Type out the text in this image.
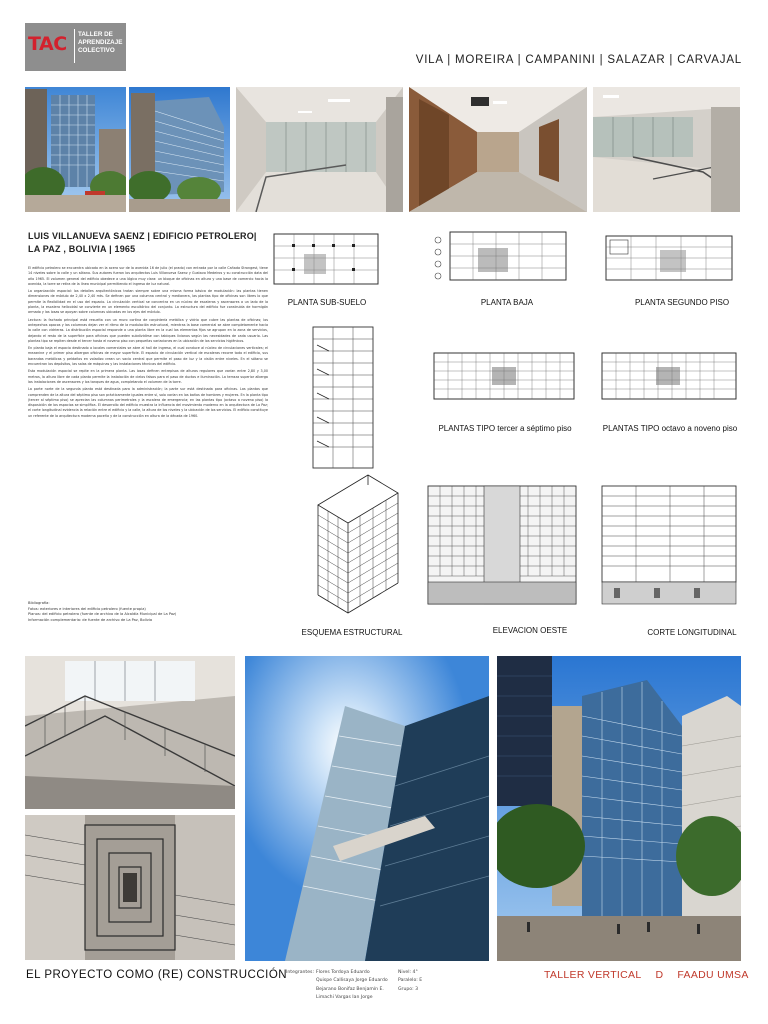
TAC TALLER DE
APRENDIZAJE
COLECTIVO
VILA | MOREIRA | CAMPANINI | SALAZAR | CARVAJAL
LUIS VILLANUEVA SAENZ | EDIFICIO PETROLERO|
LA PAZ , BOLIVIA | 1965

El edificio petrolero se encuentra ubicado en la acera sur de la avenida 16 de julio (el prado) con entrada por la calle Cañada Strongest, tiene 14 niveles sobre la calle y un sótano. Sus autores fueron los arquitectos Luis Villanueva Saenz y Gustavo Medeiros y su construcción data del año 1965. El volumen general del edificio obedece a una lógica muy clara: un bloque de oficinas en altura y una base de comercio hacia la avenida, la torre se retira de la línea municipal permitiendo el ingreso de luz natural.

La organización espacial: los detalles arquitectónicos tratan siempre sobre una misma forma básica de modulación: las plantas tienen dimensiones de módulo de 2,40 x 2,40 mts. Se definen por una columna central y medianera, las plantas tipo de oficinas son libres lo que permite la flexibilidad en el uso del espacio. La circulación vertical se concentra en un núcleo de escaleras y ascensores a un lado de la planta, la escalera helicoidal se convierte en un elemento escultórico del conjunto. La estructura del edificio fue construida de hormigón armado y las losas se apoyan sobre columnas ubicadas en los ejes del módulo.

Lectura: la fachada principal está resuelta con un muro cortina de carpintería metálica y vidrio que cubre las plantas de oficinas; los antepechos opacos y las columnas dejan ver el ritmo de la modulación estructural, mientras la base comercial se abre completamente hacia la calle con vidrieras. La distribución espacial responde a una planta libre en la cual los elementos fijos se agrupan en la zona de servicios, dejando el resto de la superficie para oficinas que pueden subdividirse con tabiques livianos según las necesidades de cada usuario. Las plantas tipo se repiten desde el tercer hasta el noveno piso con pequeñas variaciones en la ubicación de los servicios higiénicos.

En planta baja el espacio destinado a locales comerciales se abre al hall de ingreso, el cual conduce al núcleo de circulaciones verticales; el mezanine y el primer piso albergan oficinas de mayor superficie. El espacio de circulación vertical de escaleras recorre todo el edificio, sus barandas metálicas y peldaños en voladizo crean un vacío central que permite el paso de luz y la visión entre niveles. En el sótano se encuentran los depósitos, las salas de máquinas y las instalaciones técnicas del edificio.

Esta modulación espacial se repite en la primera planta. Las losas definen entrepisos de alturas regulares que varían entre 2,80 y 3,00 metros, la altura libre de cada planta permite la instalación de cielos falsos para el paso de ductos e iluminación. La terraza superior alberga las instalaciones de ascensores y los tanques de agua, completando el volumen de la torre.

La parte norte de la segunda planta está destinada para la administración; la parte sur está destinada para oficinas. Las plantas que comprenden de la altura del séptimo piso son prácticamente iguales entre sí, solo varían en los baños de hombres y mujeres. En la planta tipo (tercer al séptimo piso) se aprecian las columnas perimetrales y la escalera de emergencia; en las plantas tipo (octavo a noveno piso) la disposición de los espacios se simplifica. El desarrollo del edificio muestra la influencia del movimiento moderno en la arquitectura de La Paz; el corte longitudinal evidencia la relación entre el edificio y la calle, la altura de los niveles y la ubicación de los servicios. El edificio constituye un referente de la arquitectura moderna paceña y de la construcción en altura de la década de 1960.

Bibliografía:
Fotos: exteriores e interiores del edificio petrolero (fuente propia)
Planos: del edificio petrolero (fuente de archivo de la Alcaldía Municipal de La Paz)
Información complementaria: de fuente de archivo de La Paz, Bolivia
PLANTA SUB-SUELO	PLANTA BAJA	PLANTA SEGUNDO PISO
PLANTAS TIPO tercer a séptimo piso	PLANTAS TIPO octavo a noveno piso
ESQUEMA ESTRUCTURAL	ELEVACION OESTE	CORTE LONGITUDINAL
EL PROYECTO COMO (RE) CONSTRUCCIÓN
Integrantes: Flores Tordoya Eduardo
Quispe Callisaya Jorge Eduardo
Bejarano Bonifaz Benjamín E.
Limachi Vargas Ian Jorge
Nivel: 4°
Paralelo: E
Grupo: 3
TALLER VERTICAL D FAADU UMSA
